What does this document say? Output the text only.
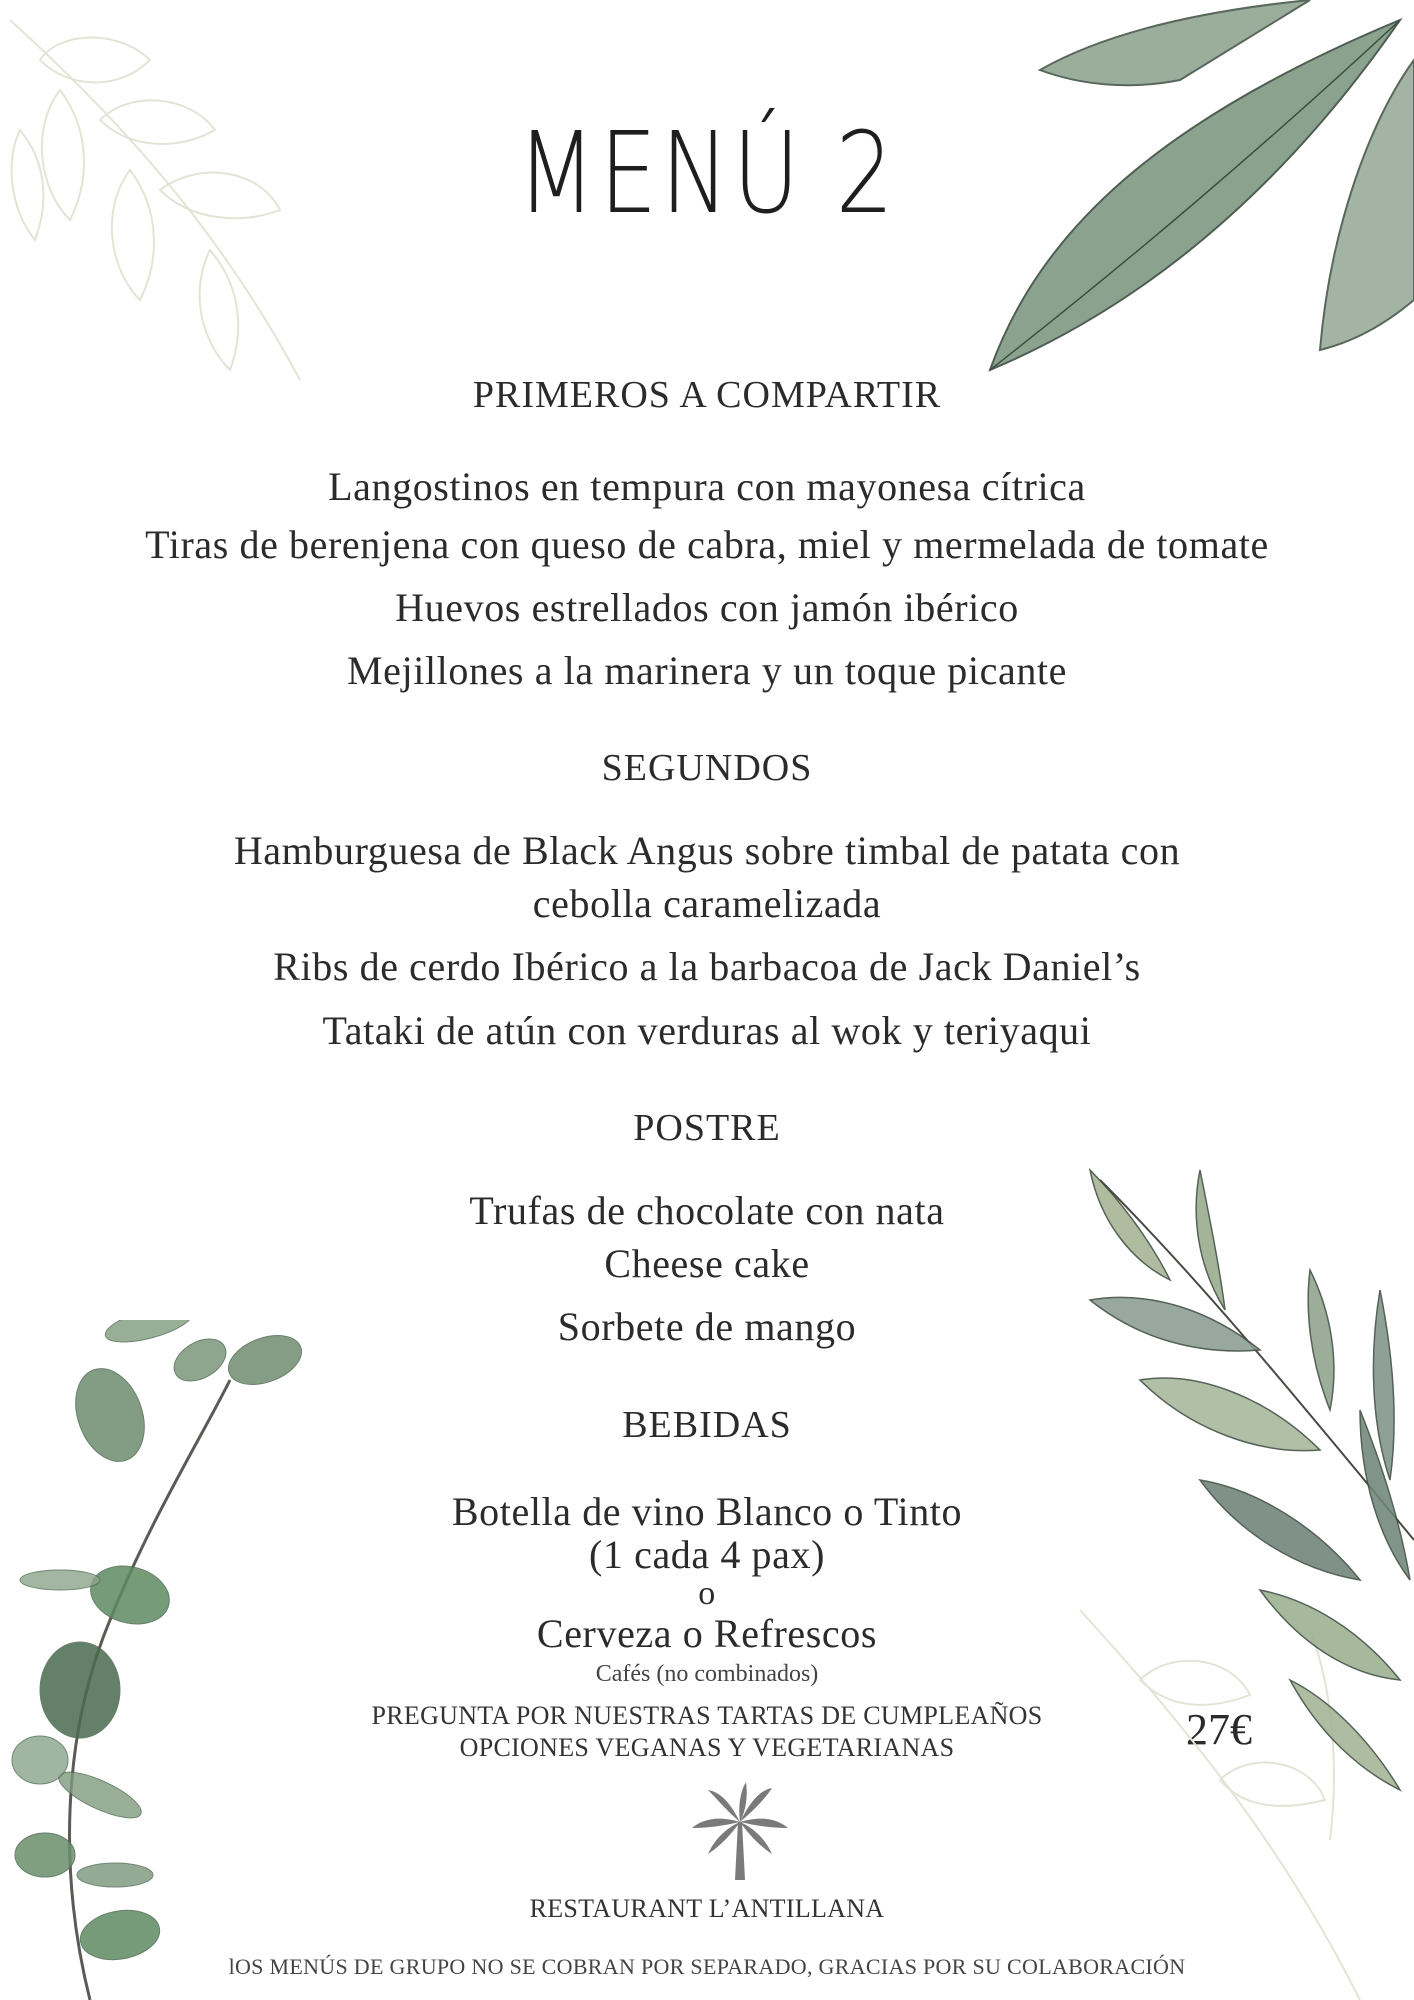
MENÚ 2
PRIMEROS A COMPARTIR
Langostinos en tempura con mayonesa cítrica
Tiras de berenjena con queso de cabra, miel y mermelada de tomate
Huevos estrellados con jamón ibérico
Mejillones a la marinera y un toque picante
SEGUNDOS
Hamburguesa de Black Angus sobre timbal de patata con
cebolla caramelizada
Ribs de cerdo Ibérico a la barbacoa de Jack Daniel’s
Tataki de atún con verduras al wok y teriyaqui
POSTRE
Trufas de chocolate con nata
Cheese cake
Sorbete de mango
BEBIDAS
Botella de vino Blanco o Tinto
(1 cada 4 pax)
o
Cerveza o Refrescos
Cafés (no combinados)
PREGUNTA POR NUESTRAS TARTAS DE CUMPLEAÑOS
OPCIONES VEGANAS Y VEGETARIANAS	27€
RESTAURANT L’ANTILLANA
lOS MENÚS DE GRUPO NO SE COBRAN POR SEPARADO, GRACIAS POR SU COLABORACIÓN
